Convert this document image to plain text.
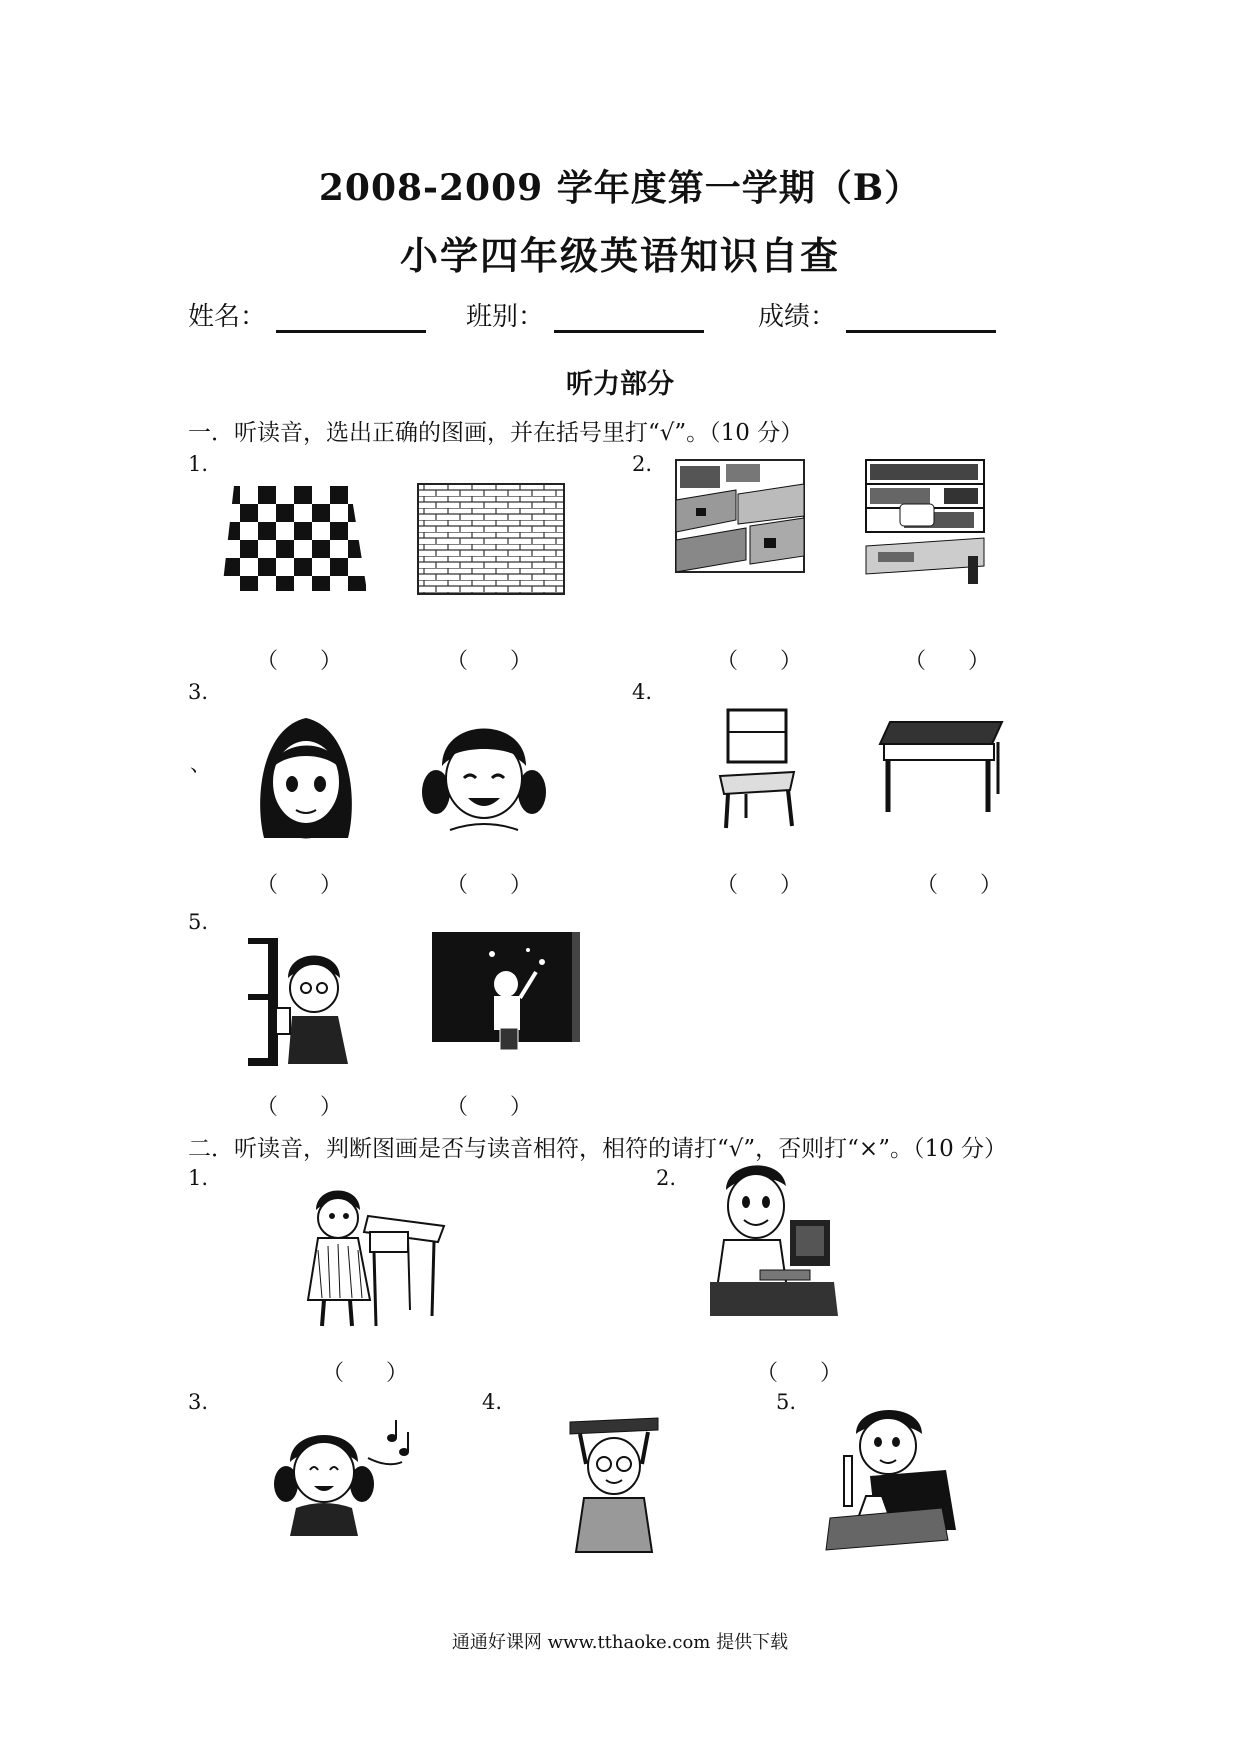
2008-2009 学年度第一学期（B）
小学四年级英语知识自查
姓名：	班别：	成绩：
听力部分
一．听读音，选出正确的图画，并在括号里打“√”。（10 分）
1.	2.
3.	4.
5.
、
（      ）	（      ）	（      ）	（      ）
（      ）	（      ）	（      ）	（      ）
（      ）	（      ）
二．听读音，判断图画是否与读音相符，相符的请打“√”，否则打“×”。（10 分）
1.	2.
（      ）	（      ）
3.	4.	5.
通通好课网 www.tthaoke.com 提供下载
